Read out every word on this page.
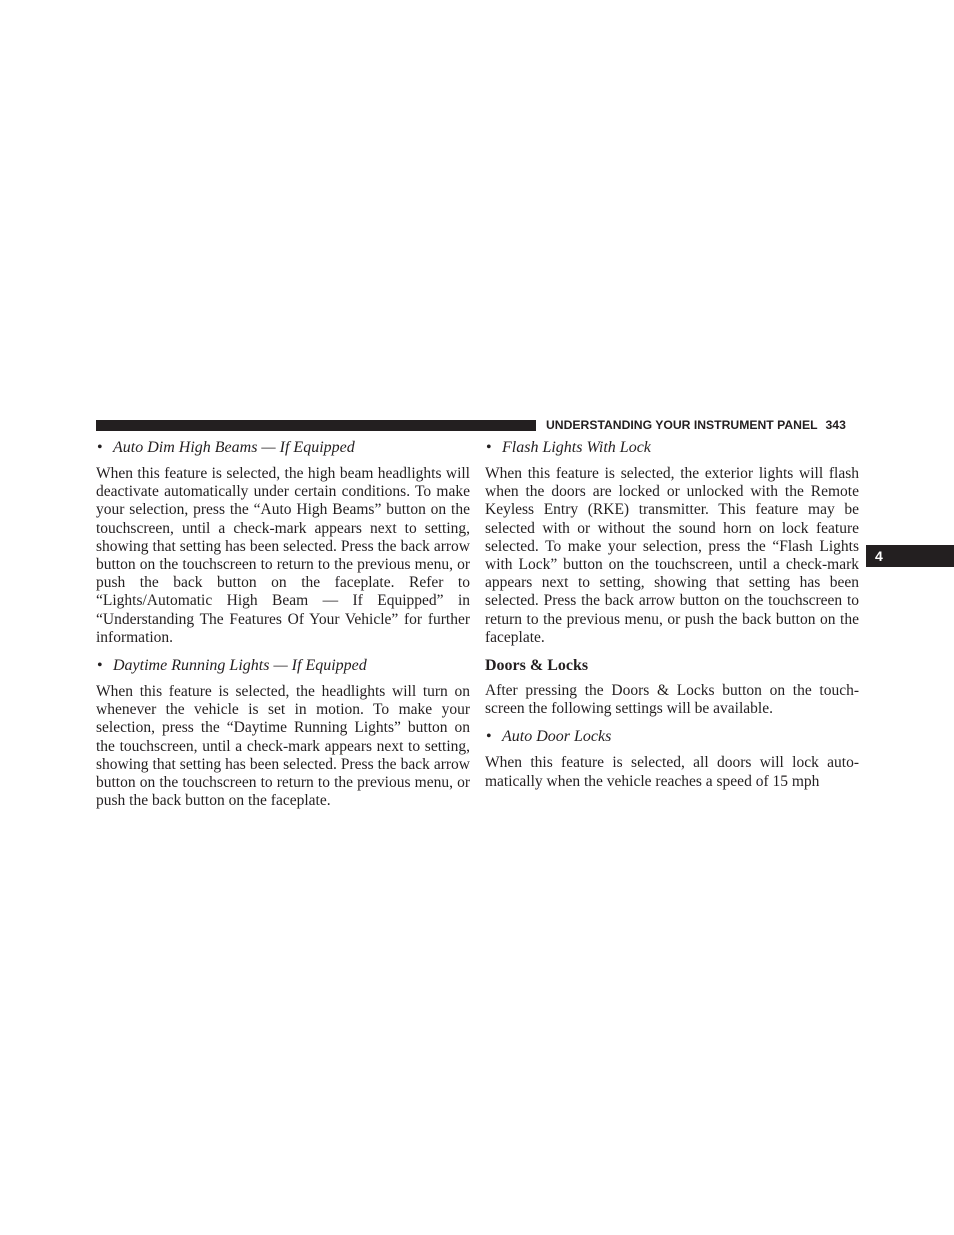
UNDERSTANDING YOUR INSTRUMENT PANEL 343
4
• Auto Dim High Beams — If Equipped

When this feature is selected, the high beam headlights will deactivate automatically under certain conditions. To make your selection, press the “Auto High Beams” button on the touchscreen, until a check-mark appears next to setting, showing that setting has been selected. Press the back arrow button on the touchscreen to return to the previous menu, or push the back button on the faceplate. Refer to “Lights/Automatic High Beam — If Equipped” in “Understanding The Features Of Your Vehicle” for further information.

• Daytime Running Lights — If Equipped

When this feature is selected, the headlights will turn on whenever the vehicle is set in motion. To make your selection, press the “Daytime Running Lights” button on the touchscreen, until a check-mark appears next to setting, showing that setting has been selected. Press the back arrow button on the touchscreen to return to the previous menu, or push the back button on the faceplate.

• Flash Lights With Lock

When this feature is selected, the exterior lights will flash when the doors are locked or unlocked with the Remote Keyless Entry (RKE) transmitter. This feature may be selected with or without the sound horn on lock feature selected. To make your selection, press the “Flash Lights with Lock” button on the touchscreen, until a check-mark appears next to setting, showing that setting has been selected. Press the back arrow button on the touchscreen to return to the previous menu, or push the back button on the faceplate.

Doors & Locks

After pressing the Doors & Locks button on the touch-screen the following settings will be available.

• Auto Door Locks

When this feature is selected, all doors will lock auto-matically when the vehicle reaches a speed of 15 mph
